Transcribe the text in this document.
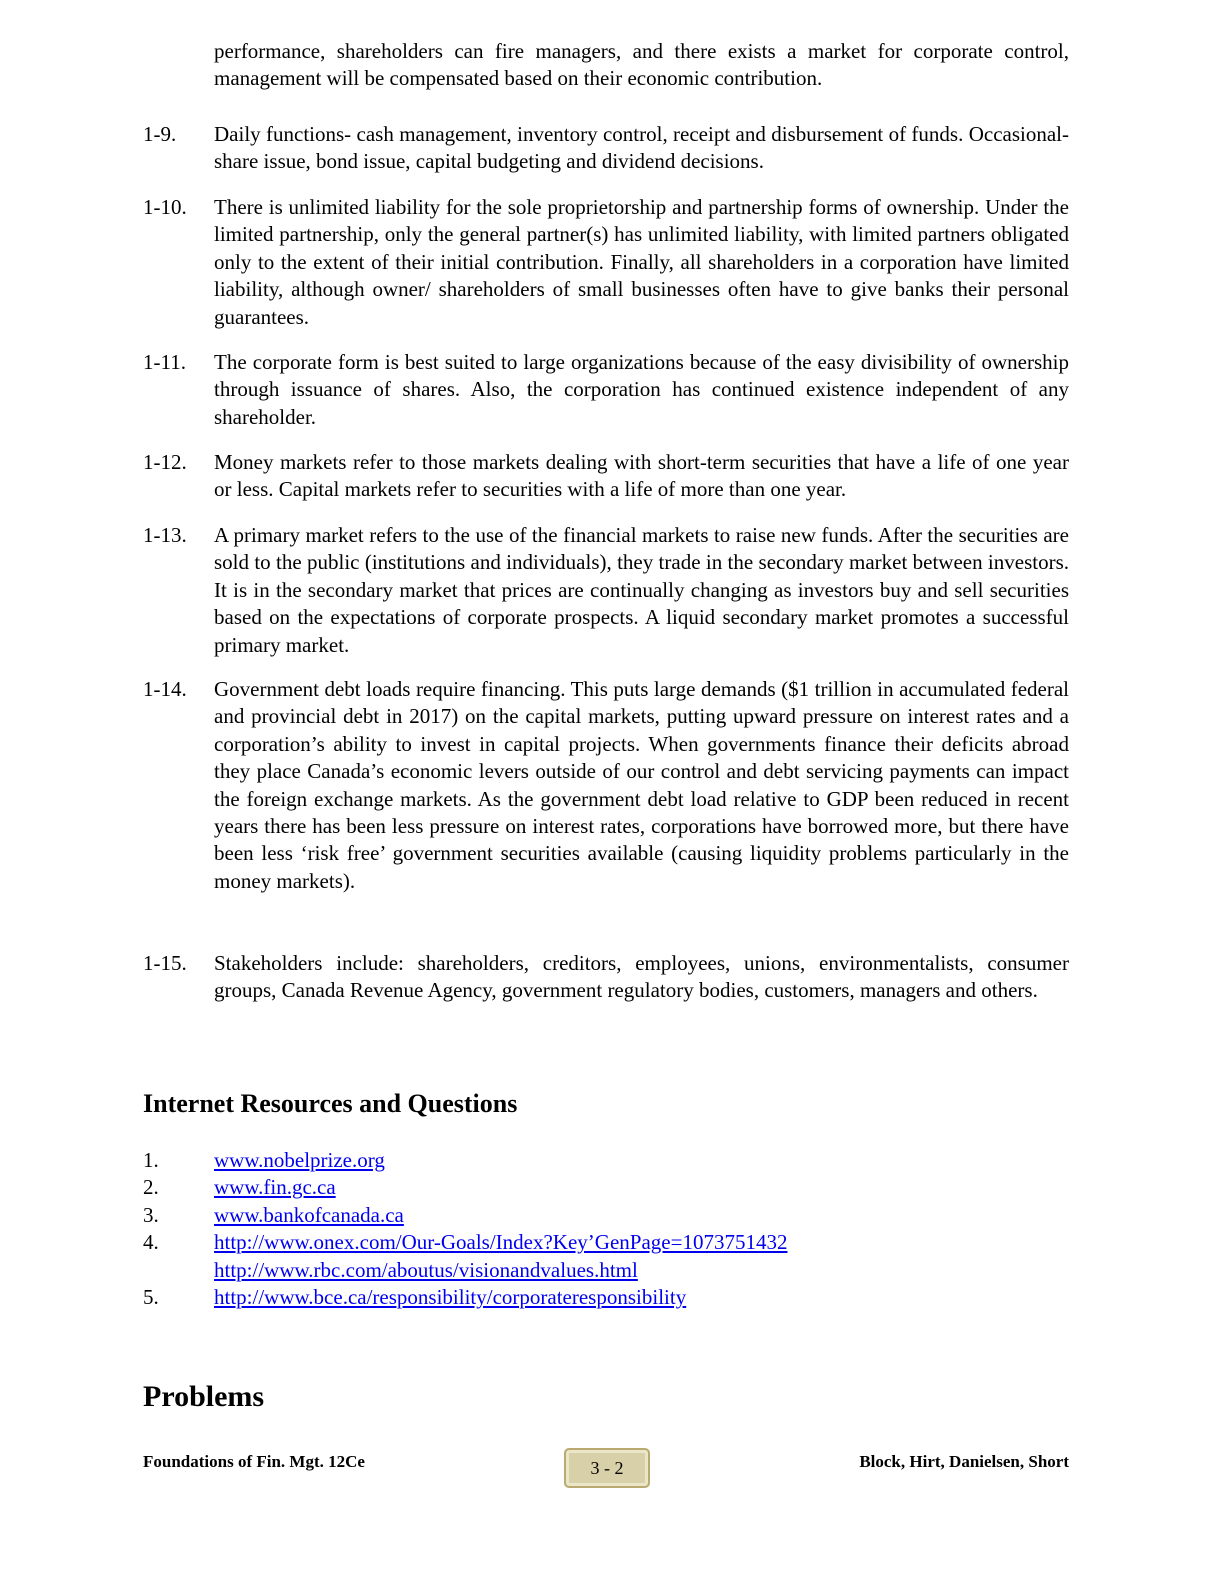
performance, shareholders can fire managers, and there exists a market for corporate control, management will be compensated based on their economic contribution.
1-9.	Daily functions- cash management, inventory control, receipt and disbursement of funds. Occasional- share issue, bond issue, capital budgeting and dividend decisions.
1-10.	There is unlimited liability for the sole proprietorship and partnership forms of ownership. Under the limited partnership, only the general partner(s) has unlimited liability, with limited partners obligated only to the extent of their initial contribution. Finally, all shareholders in a corporation have limited liability, although owner/ shareholders of small businesses often have to give banks their personal guarantees.
1-11.	The corporate form is best suited to large organizations because of the easy divisibility of ownership through issuance of shares. Also, the corporation has continued existence independent of any shareholder.
1-12.	Money markets refer to those markets dealing with short-term securities that have a life of one year or less. Capital markets refer to securities with a life of more than one year.
1-13.	A primary market refers to the use of the financial markets to raise new funds. After the securities are sold to the public (institutions and individuals), they trade in the secondary market between investors. It is in the secondary market that prices are continually changing as investors buy and sell securities based on the expectations of corporate prospects. A liquid secondary market promotes a successful primary market.
1-14.	Government debt loads require financing. This puts large demands ($1 trillion in accumulated federal and provincial debt in 2017) on the capital markets, putting upward pressure on interest rates and a corporation’s ability to invest in capital projects. When governments finance their deficits abroad they place Canada’s economic levers outside of our control and debt servicing payments can impact the foreign exchange markets. As the government debt load relative to GDP been reduced in recent years there has been less pressure on interest rates, corporations have borrowed more, but there have been less ‘risk free’ government securities available (causing liquidity problems particularly in the money markets).
1-15.	Stakeholders include: shareholders, creditors, employees, unions, environmentalists, consumer groups, Canada Revenue Agency, government regulatory bodies, customers, managers and others.
Internet Resources and Questions
1.	www.nobelprize.org
2.	www.fin.gc.ca
3.	www.bankofcanada.ca
4.	http://www.onex.com/Our-Goals/Index?Key’GenPage=1073751432
http://www.rbc.com/aboutus/visionandvalues.html
5.	http://www.bce.ca/responsibility/corporateresponsibility
Problems
Foundations of Fin. Mgt. 12Ce	3 - 2	Block, Hirt, Danielsen, Short
